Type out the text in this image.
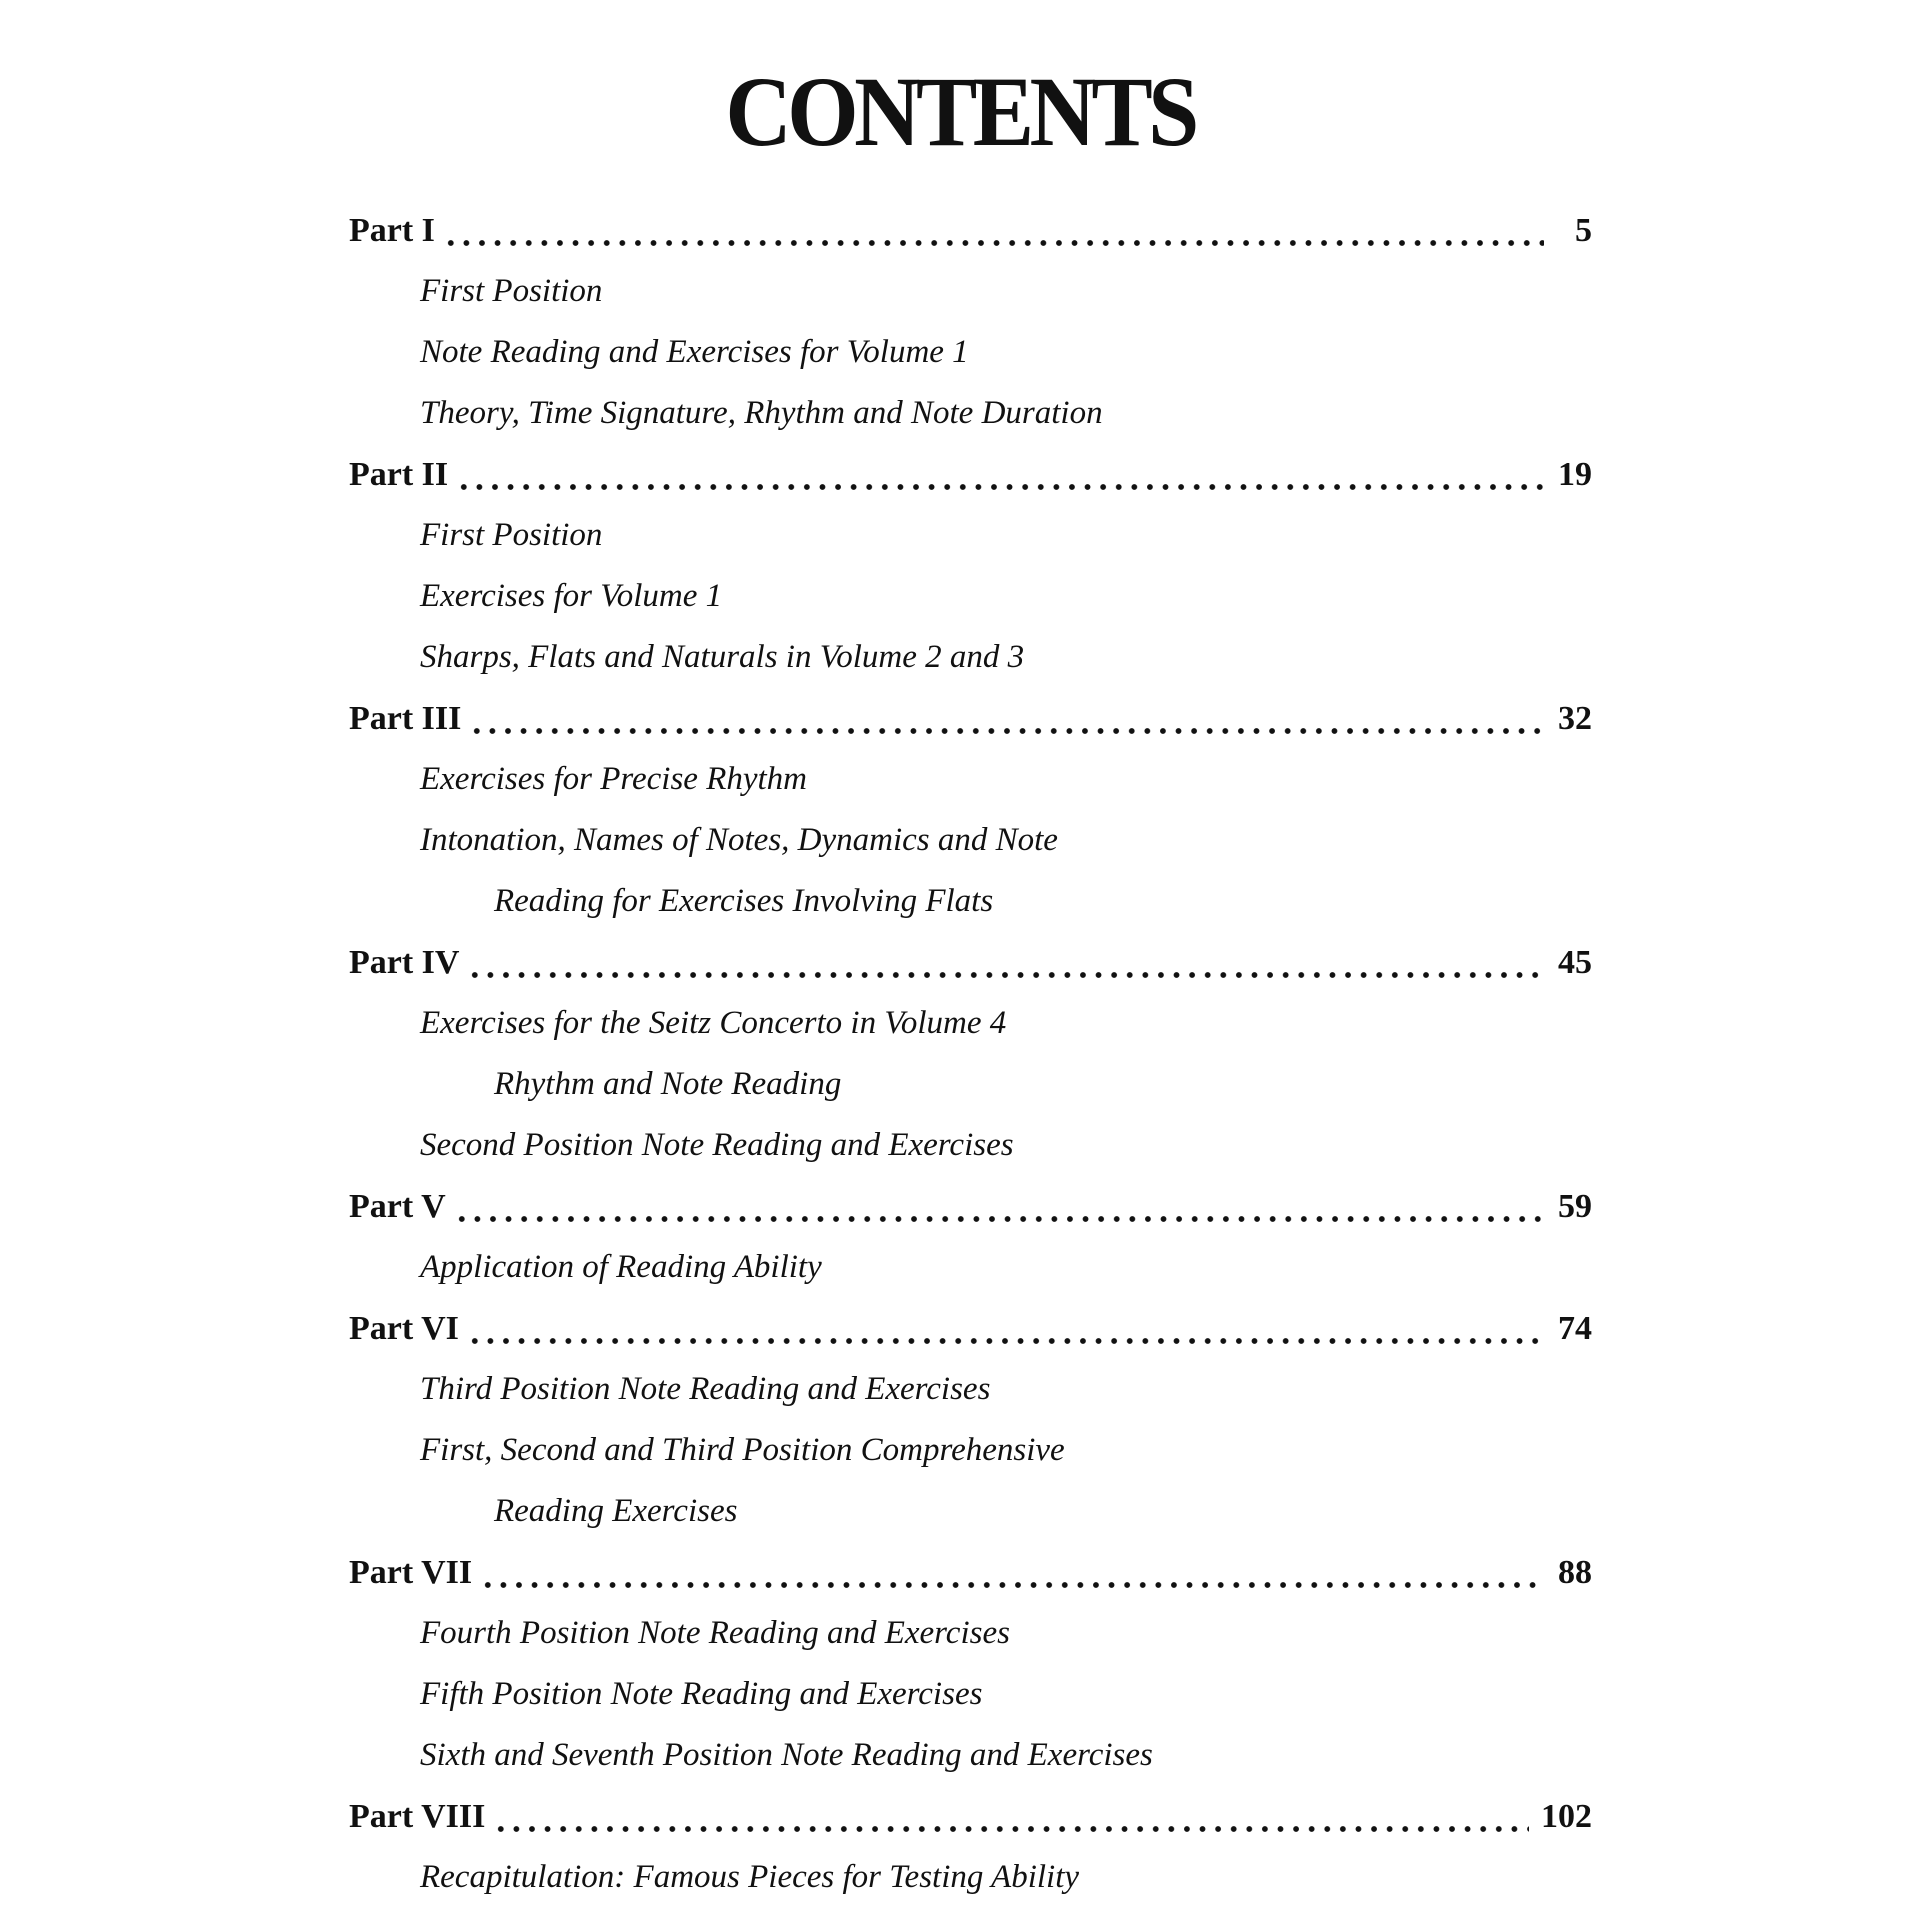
CONTENTS
Part I	5
First Position
Note Reading and Exercises for Volume 1
Theory, Time Signature, Rhythm and Note Duration
Part II	19
First Position
Exercises for Volume 1
Sharps, Flats and Naturals in Volume 2 and 3
Part III	32
Exercises for Precise Rhythm
Intonation, Names of Notes, Dynamics and Note
Reading for Exercises Involving Flats
Part IV	45
Exercises for the Seitz Concerto in Volume 4
Rhythm and Note Reading
Second Position Note Reading and Exercises
Part V	59
Application of Reading Ability
Part VI	74
Third Position Note Reading and Exercises
First, Second and Third Position Comprehensive
Reading Exercises
Part VII	88
Fourth Position Note Reading and Exercises
Fifth Position Note Reading and Exercises
Sixth and Seventh Position Note Reading and Exercises
Part VIII	102
Recapitulation: Famous Pieces for Testing Ability
